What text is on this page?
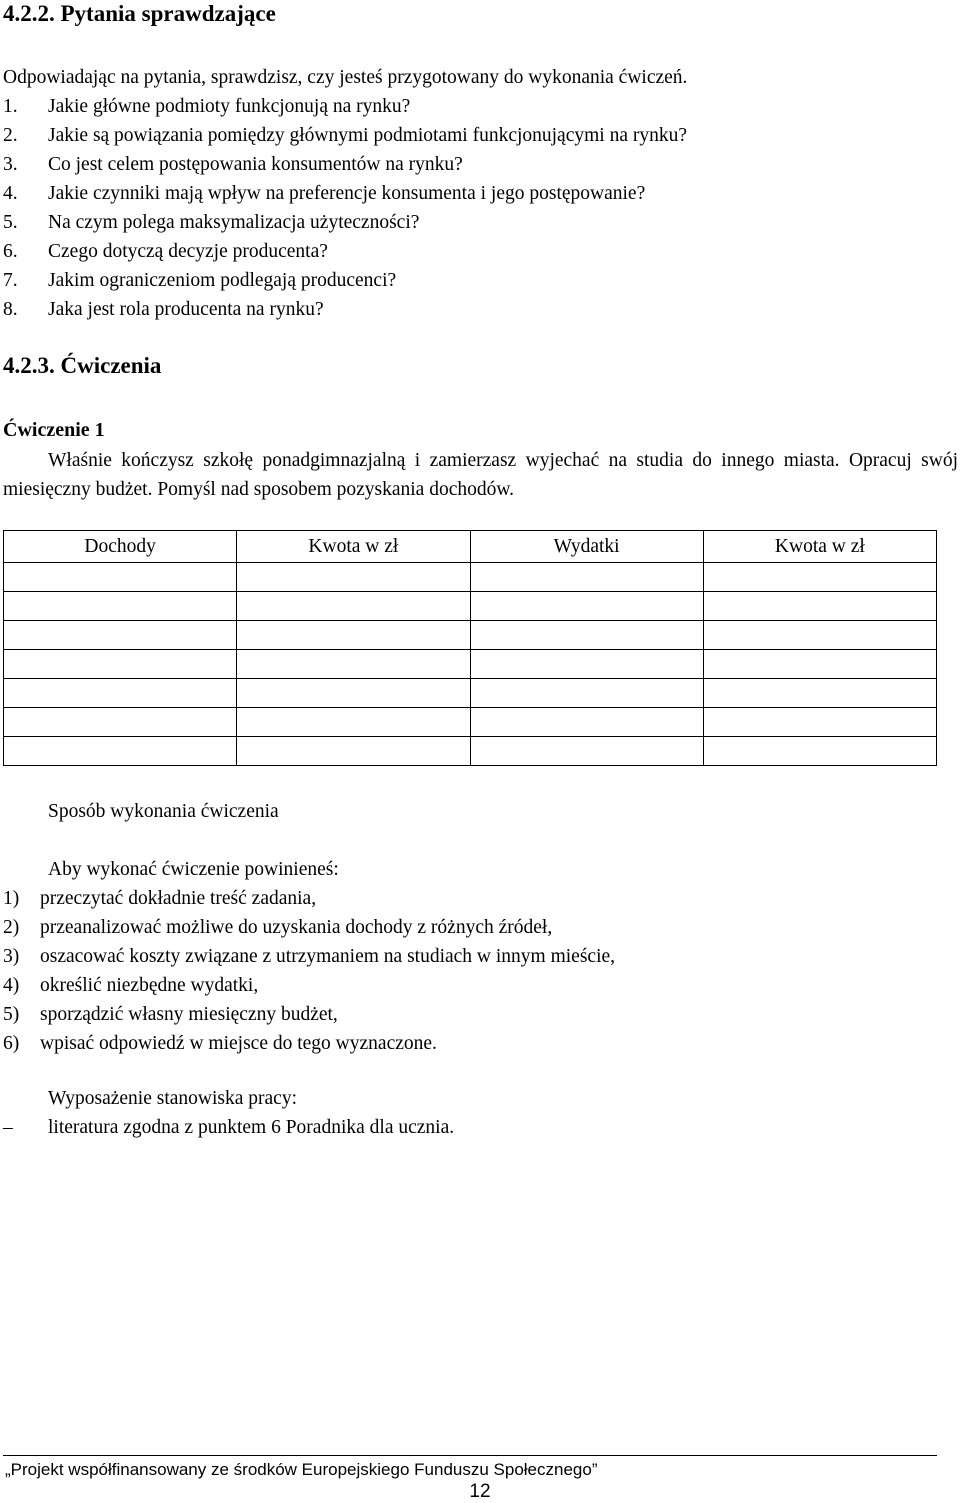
4.2.2. Pytania sprawdzające
Odpowiadając na pytania, sprawdzisz, czy jesteś przygotowany do wykonania ćwiczeń.
1. Jakie główne podmioty funkcjonują na rynku?
2. Jakie są powiązania pomiędzy głównymi podmiotami funkcjonującymi na rynku?
3. Co jest celem postępowania konsumentów na rynku?
4. Jakie czynniki mają wpływ na preferencje konsumenta i jego postępowanie?
5. Na czym polega maksymalizacja użyteczności?
6. Czego dotyczą decyzje producenta?
7. Jakim ograniczeniom podlegają producenci?
8. Jaka jest rola producenta na rynku?
4.2.3. Ćwiczenia
Ćwiczenie 1
Właśnie kończysz szkołę ponadgimnazjalną i zamierzasz wyjechać na studia do innego miasta. Opracuj swój miesięczny budżet. Pomyśl nad sposobem pozyskania dochodów.
Dochody	Kwota w zł	Wydatki	Kwota w zł

Sposób wykonania ćwiczenia
Aby wykonać ćwiczenie powinieneś:
1) przeczytać dokładnie treść zadania,
2) przeanalizować możliwe do uzyskania dochody z różnych źródeł,
3) oszacować koszty związane z utrzymaniem na studiach w innym mieście,
4) określić niezbędne wydatki,
5) sporządzić własny miesięczny budżet,
6) wpisać odpowiedź w miejsce do tego wyznaczone.
Wyposażenie stanowiska pracy:
–	literatura zgodna z punktem 6 Poradnika dla ucznia.
„Projekt współfinansowany ze środków Europejskiego Funduszu Społecznego”
12
